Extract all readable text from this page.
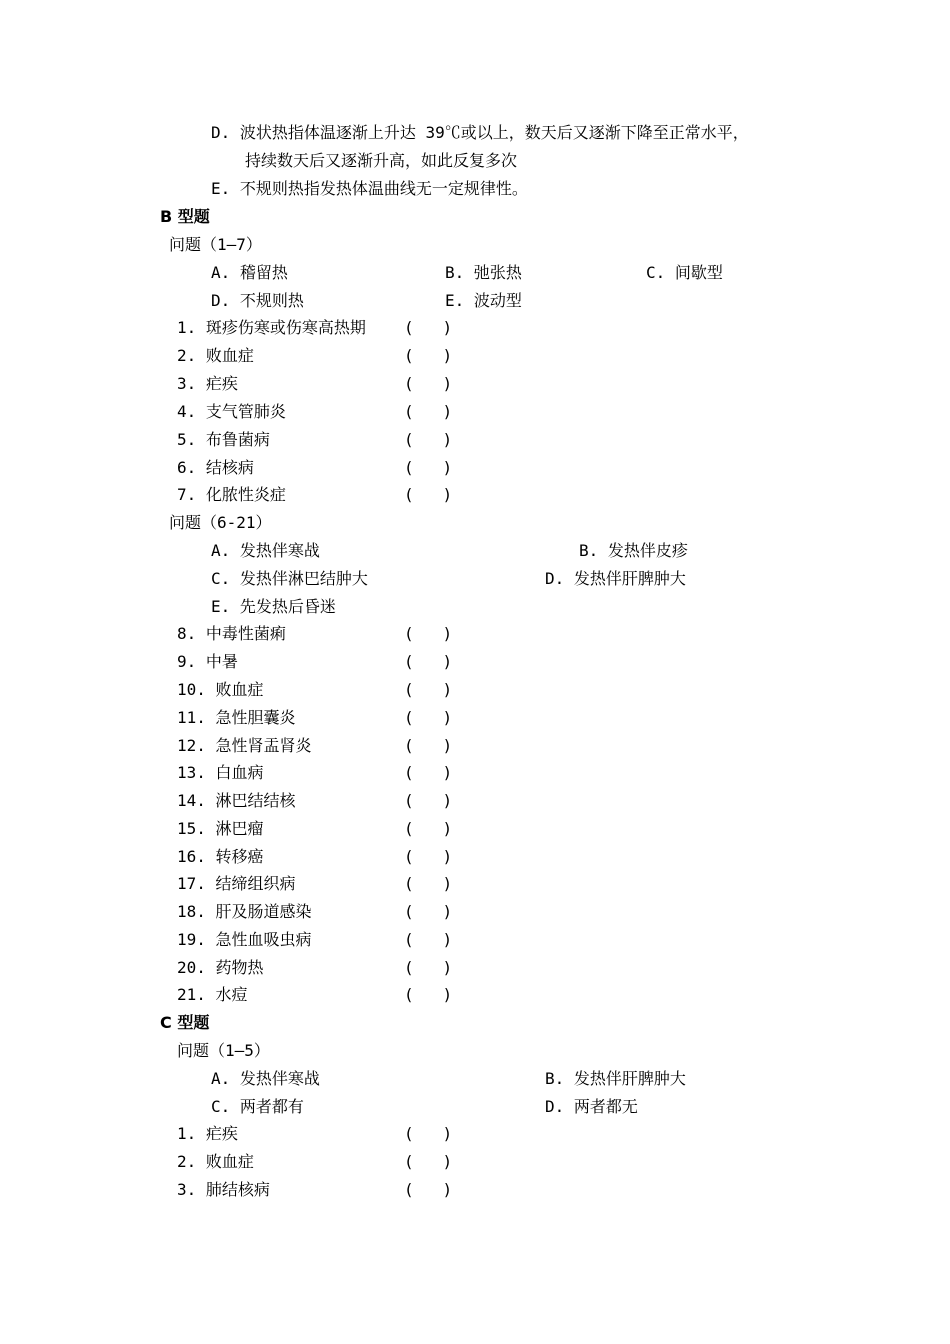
D. 波状热指体温逐渐上升达 39℃或以上，数天后又逐渐下降至正常水平，
持续数天后又逐渐升高，如此反复多次
E. 不规则热指发热体温曲线无一定规律性。
B 型题
问题（1—7）
A. 稽留热	B. 弛张热	C. 间歇型
D. 不规则热	E. 波动型
1. 斑疹伤寒或伤寒高热期 (   )
2. 败血症	(   )
3. 疟疾	(   )
4. 支气管肺炎	(   )
5. 布鲁菌病	(   )
6. 结核病	(   )
7. 化脓性炎症	(   )
问题（6-21）
A. 发热伴寒战	B. 发热伴皮疹
C. 发热伴淋巴结肿大	D. 发热伴肝脾肿大
E. 先发热后昏迷
8. 中毒性菌痢	(   )
9. 中暑	(   )
10. 败血症	(   )
11. 急性胆囊炎	(   )
12. 急性肾盂肾炎	(   )
13. 白血病	(   )
14. 淋巴结结核	(   )
15. 淋巴瘤	(   )
16. 转移癌	(   )
17. 结缔组织病	(   )
18. 肝及肠道感染	(   )
19. 急性血吸虫病	(   )
20. 药物热	(   )
21. 水痘	(   )
C 型题
问题（1—5）
A. 发热伴寒战	B. 发热伴肝脾肿大
C. 两者都有	D. 两者都无
1. 疟疾	(   )
2. 败血症	(   )
3. 肺结核病	(   )
